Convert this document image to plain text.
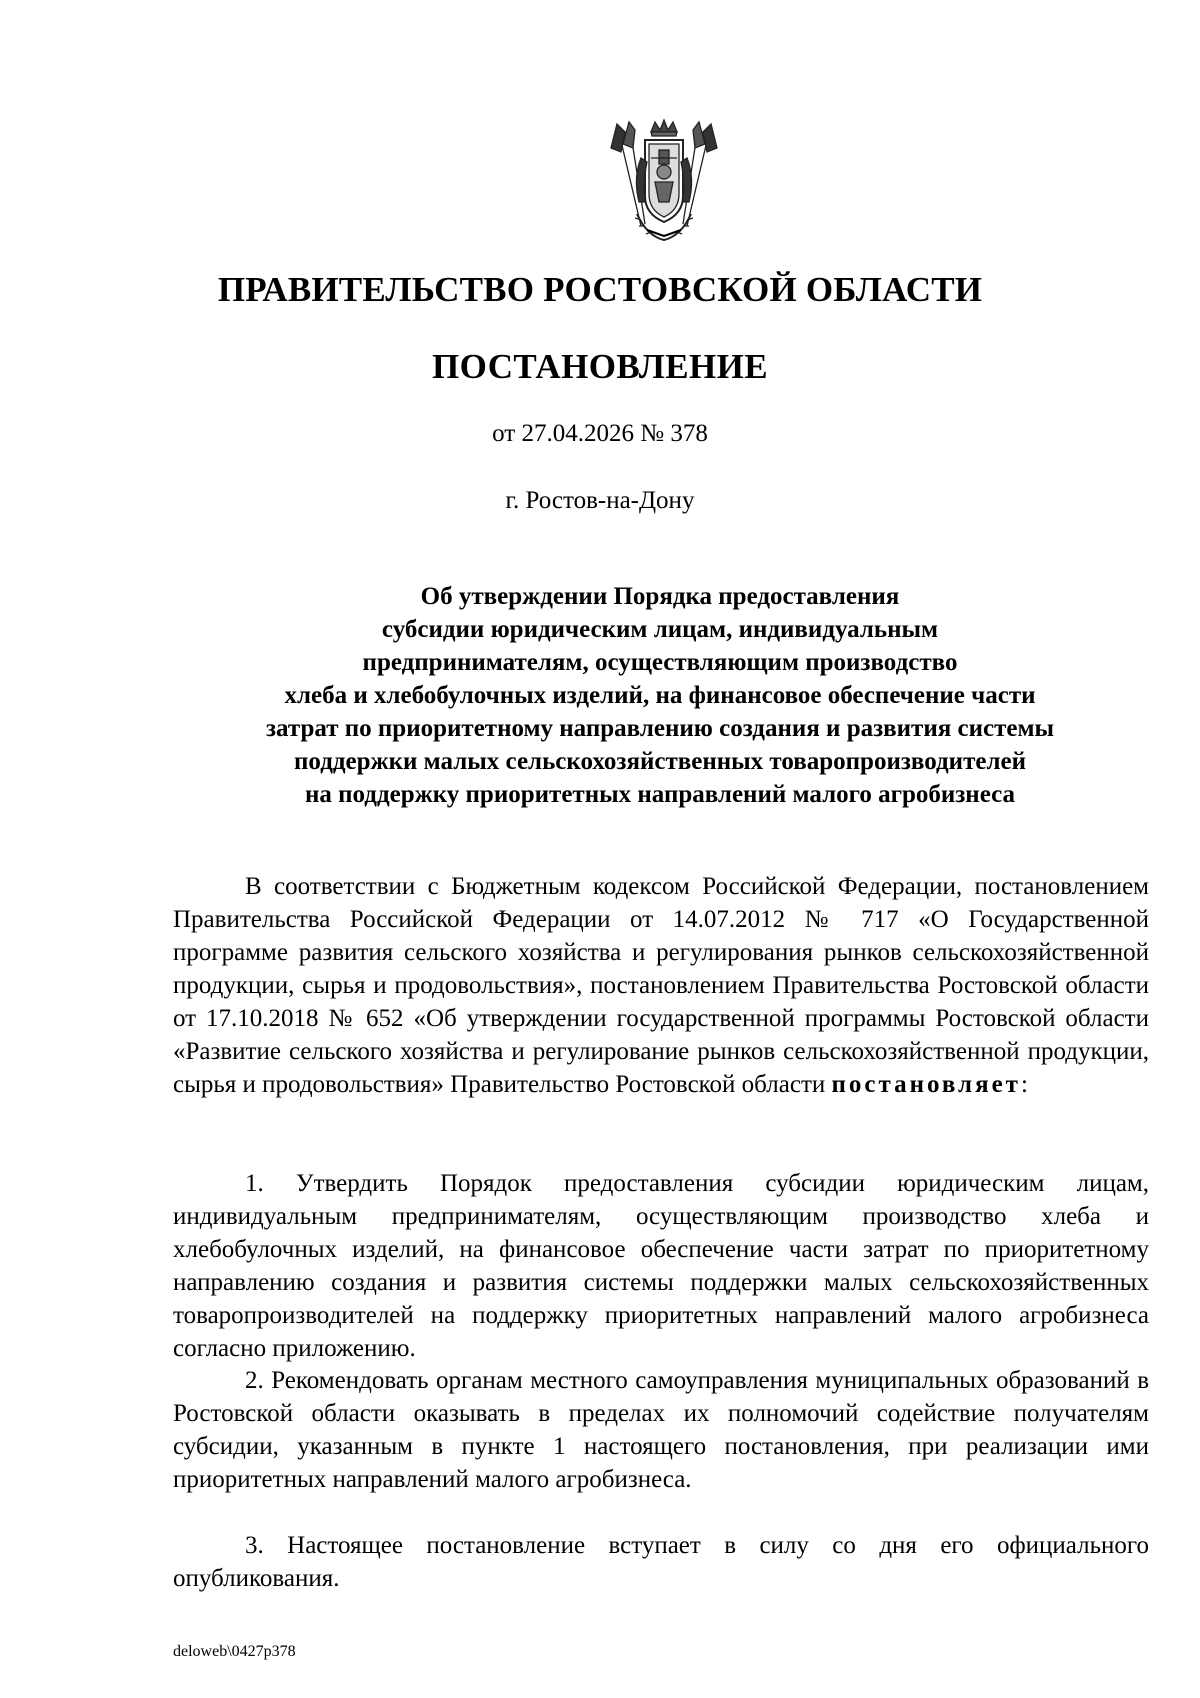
ПРАВИТЕЛЬСТВО РОСТОВСКОЙ ОБЛАСТИ
ПОСТАНОВЛЕНИЕ
от 27.04.2026 № 378
г. Ростов-на-Дону
Об утверждении Порядка предоставления
субсидии юридическим лицам, индивидуальным
предпринимателям, осуществляющим производство
хлеба и хлебобулочных изделий, на финансовое обеспечение части
затрат по приоритетному направлению создания и развития системы
поддержки малых сельскохозяйственных товаропроизводителей
на поддержку приоритетных направлений малого агробизнеса

В соответствии с Бюджетным кодексом Российской Федерации, постановлением Правительства Российской Федерации от 14.07.2012 № 717 «О Государственной программе развития сельского хозяйства и регулирования рынков сельскохозяйственной продукции, сырья и продовольствия», постановлением Правительства Ростовской области от 17.10.2018 № 652 «Об утверждении государственной программы Ростовской области «Развитие сельского хозяйства и регулирование рынков сельскохозяйственной продукции, сырья и продовольствия» Правительство Ростовской области постановляет:

1. Утвердить Порядок предоставления субсидии юридическим лицам, индивидуальным предпринимателям, осуществляющим производство хлеба и хлебобулочных изделий, на финансовое обеспечение части затрат по приоритетному направлению создания и развития системы поддержки малых сельскохозяйственных товаропроизводителей на поддержку приоритетных направлений малого агробизнеса согласно приложению.

2. Рекомендовать органам местного самоуправления муниципальных образований в Ростовской области оказывать в пределах их полномочий содействие получателям субсидии, указанным в пункте 1 настоящего постановления, при реализации ими приоритетных направлений малого агробизнеса.

3. Настоящее постановление вступает в силу со дня его официального опубликования.

deloweb\0427p378
